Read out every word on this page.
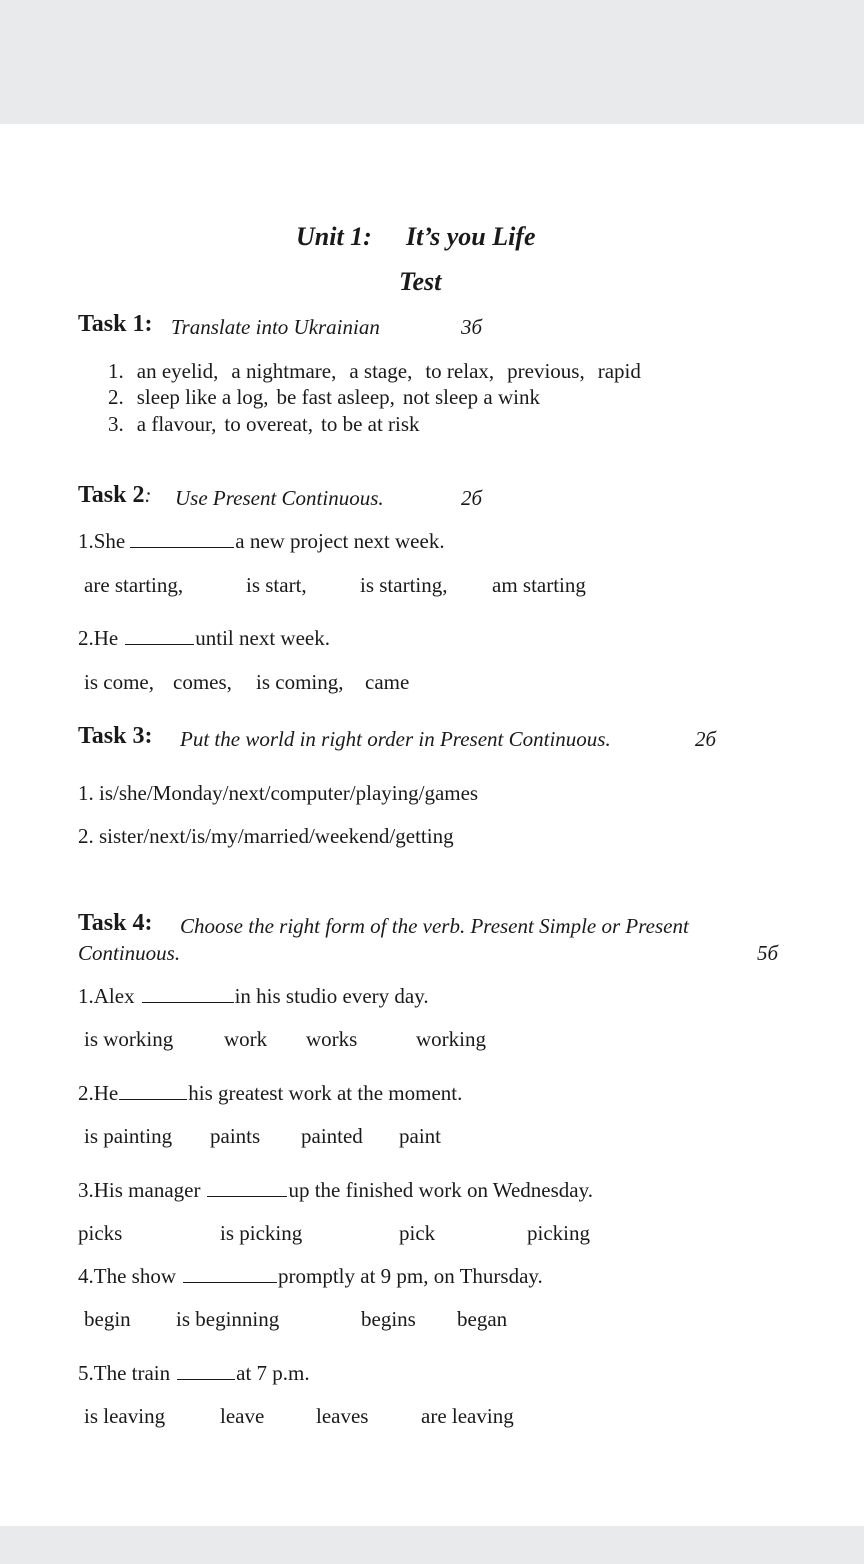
Unit 1: It’s you Life
Test
Task 1: Translate into Ukrainian	3б
1. an eyelid, a nightmare, a stage, to relax, previous, rapid
2. sleep like a log, be fast asleep, not sleep a wink
3. a flavour, to overeat, to be at risk
Task 2: Use Present Continuous.	2б
1.She	a new project next week.
are starting,	is start,	is starting, am starting
2.He	until next week.
is come, comes, is coming, came
Task 3: Put the world in right order in Present Continuous.	2б
1. is/she/Monday/next/computer/playing/games
2. sister/next/is/my/married/weekend/getting
Task 4: Choose the right form of the verb. Present Simple or Present
Continuous.	5б
1.Alex	in his studio every day.
is working work works	working
2.He	his greatest work at the moment.
is painting paints painted paint
3.His manager	up the finished work on Wednesday.
picks	is picking	pick	picking
4.The show	promptly at 9 pm, on Thursday.
begin is beginning	begins began
5.The train	at 7 p.m.
is leaving	leave leaves	are leaving
